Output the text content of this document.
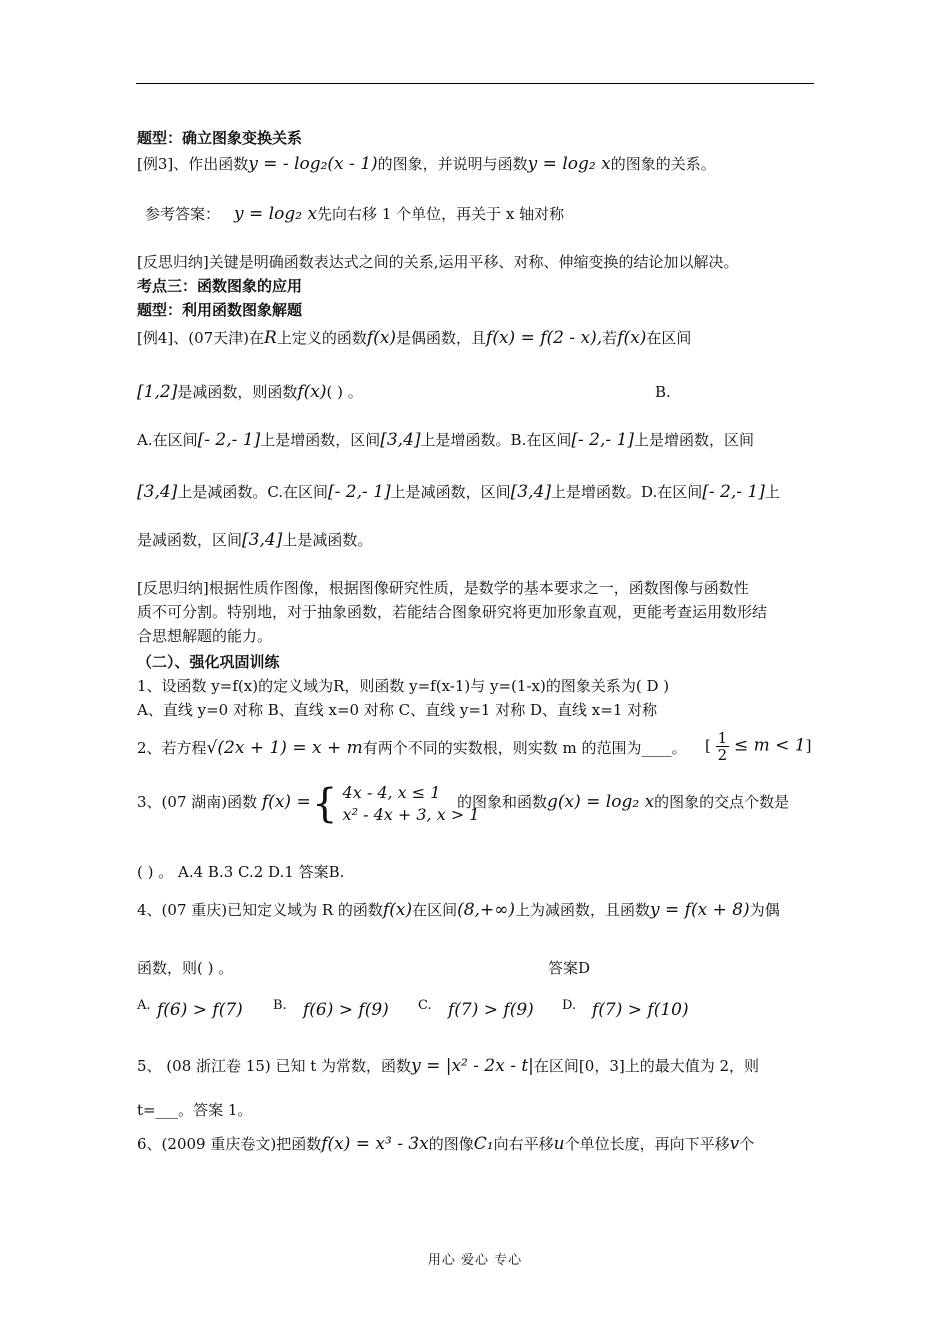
题型：确立图象变换关系
[例3]、作出函数y = - log₂(x - 1)的图象，并说明与函数y = log₂ x的图象的关系。
参考答案： y = log₂ x先向右移 1 个单位，再关于 x 轴对称
[反思归纳]关键是明确函数表达式之间的关系,运用平移、对称、伸缩变换的结论加以解决。
考点三：函数图象的应用
题型：利用函数图象解题
[例4]、(07天津)在R上定义的函数f(x)是偶函数，且f(x) = f(2 - x),若f(x)在区间
[1,2]是减函数，则函数f(x)( ) 。	B.
A.在区间[- 2,- 1]上是增函数，区间[3,4]上是增函数。B.在区间[- 2,- 1]上是增函数，区间
[3,4]上是减函数。C.在区间[- 2,- 1]上是减函数，区间[3,4]上是增函数。D.在区间[- 2,- 1]上
是减函数，区间[3,4]上是减函数。
[反思归纳]根据性质作图像，根据图像研究性质，是数学的基本要求之一，函数图像与函数性
质不可分割。特别地，对于抽象函数，若能结合图象研究将更加形象直观，更能考查运用数形结
合思想解题的能力。
（二）、强化巩固训练
1、设函数 y=f(x)的定义域为R，则函数 y=f(x-1)与 y=(1-x)的图象关系为( D )
A、直线 y=0 对称 B、直线 x=0 对称 C、直线 y=1 对称 D、直线 x=1 对称
2、若方程√(2x + 1) = x + m有两个不同的实数根，则实数 m 的范围为____。 [ $\frac{1}{2} \le m < 1$]
3、(07 湖南)函数 f(x) = { 4x - 4, x ≤ 1
x² - 4x + 3, x > 1
的图象和函数g(x) = log₂ x的图象的交点个数是
( ) 。 A.4 B.3 C.2 D.1 答案B.
4、(07 重庆)已知定义域为 R 的函数f(x)在区间(8,+∞)上为减函数，且函数y = f(x + 8)为偶
函数，则( ) 。	答案D
A. f(6) > f(7) B. f(6) > f(9) C. f(7) > f(9) D. f(7) > f(10)
5、 (08 浙江卷 15) 已知 t 为常数，函数y = |x² - 2x - t|在区间[0，3]上的最大值为 2，则
t=___。答案 1。
6、(2009 重庆卷文)把函数f(x) = x³ - 3x的图像C₁向右平移u个单位长度，再向下平移v个
用心 爱心 专心
